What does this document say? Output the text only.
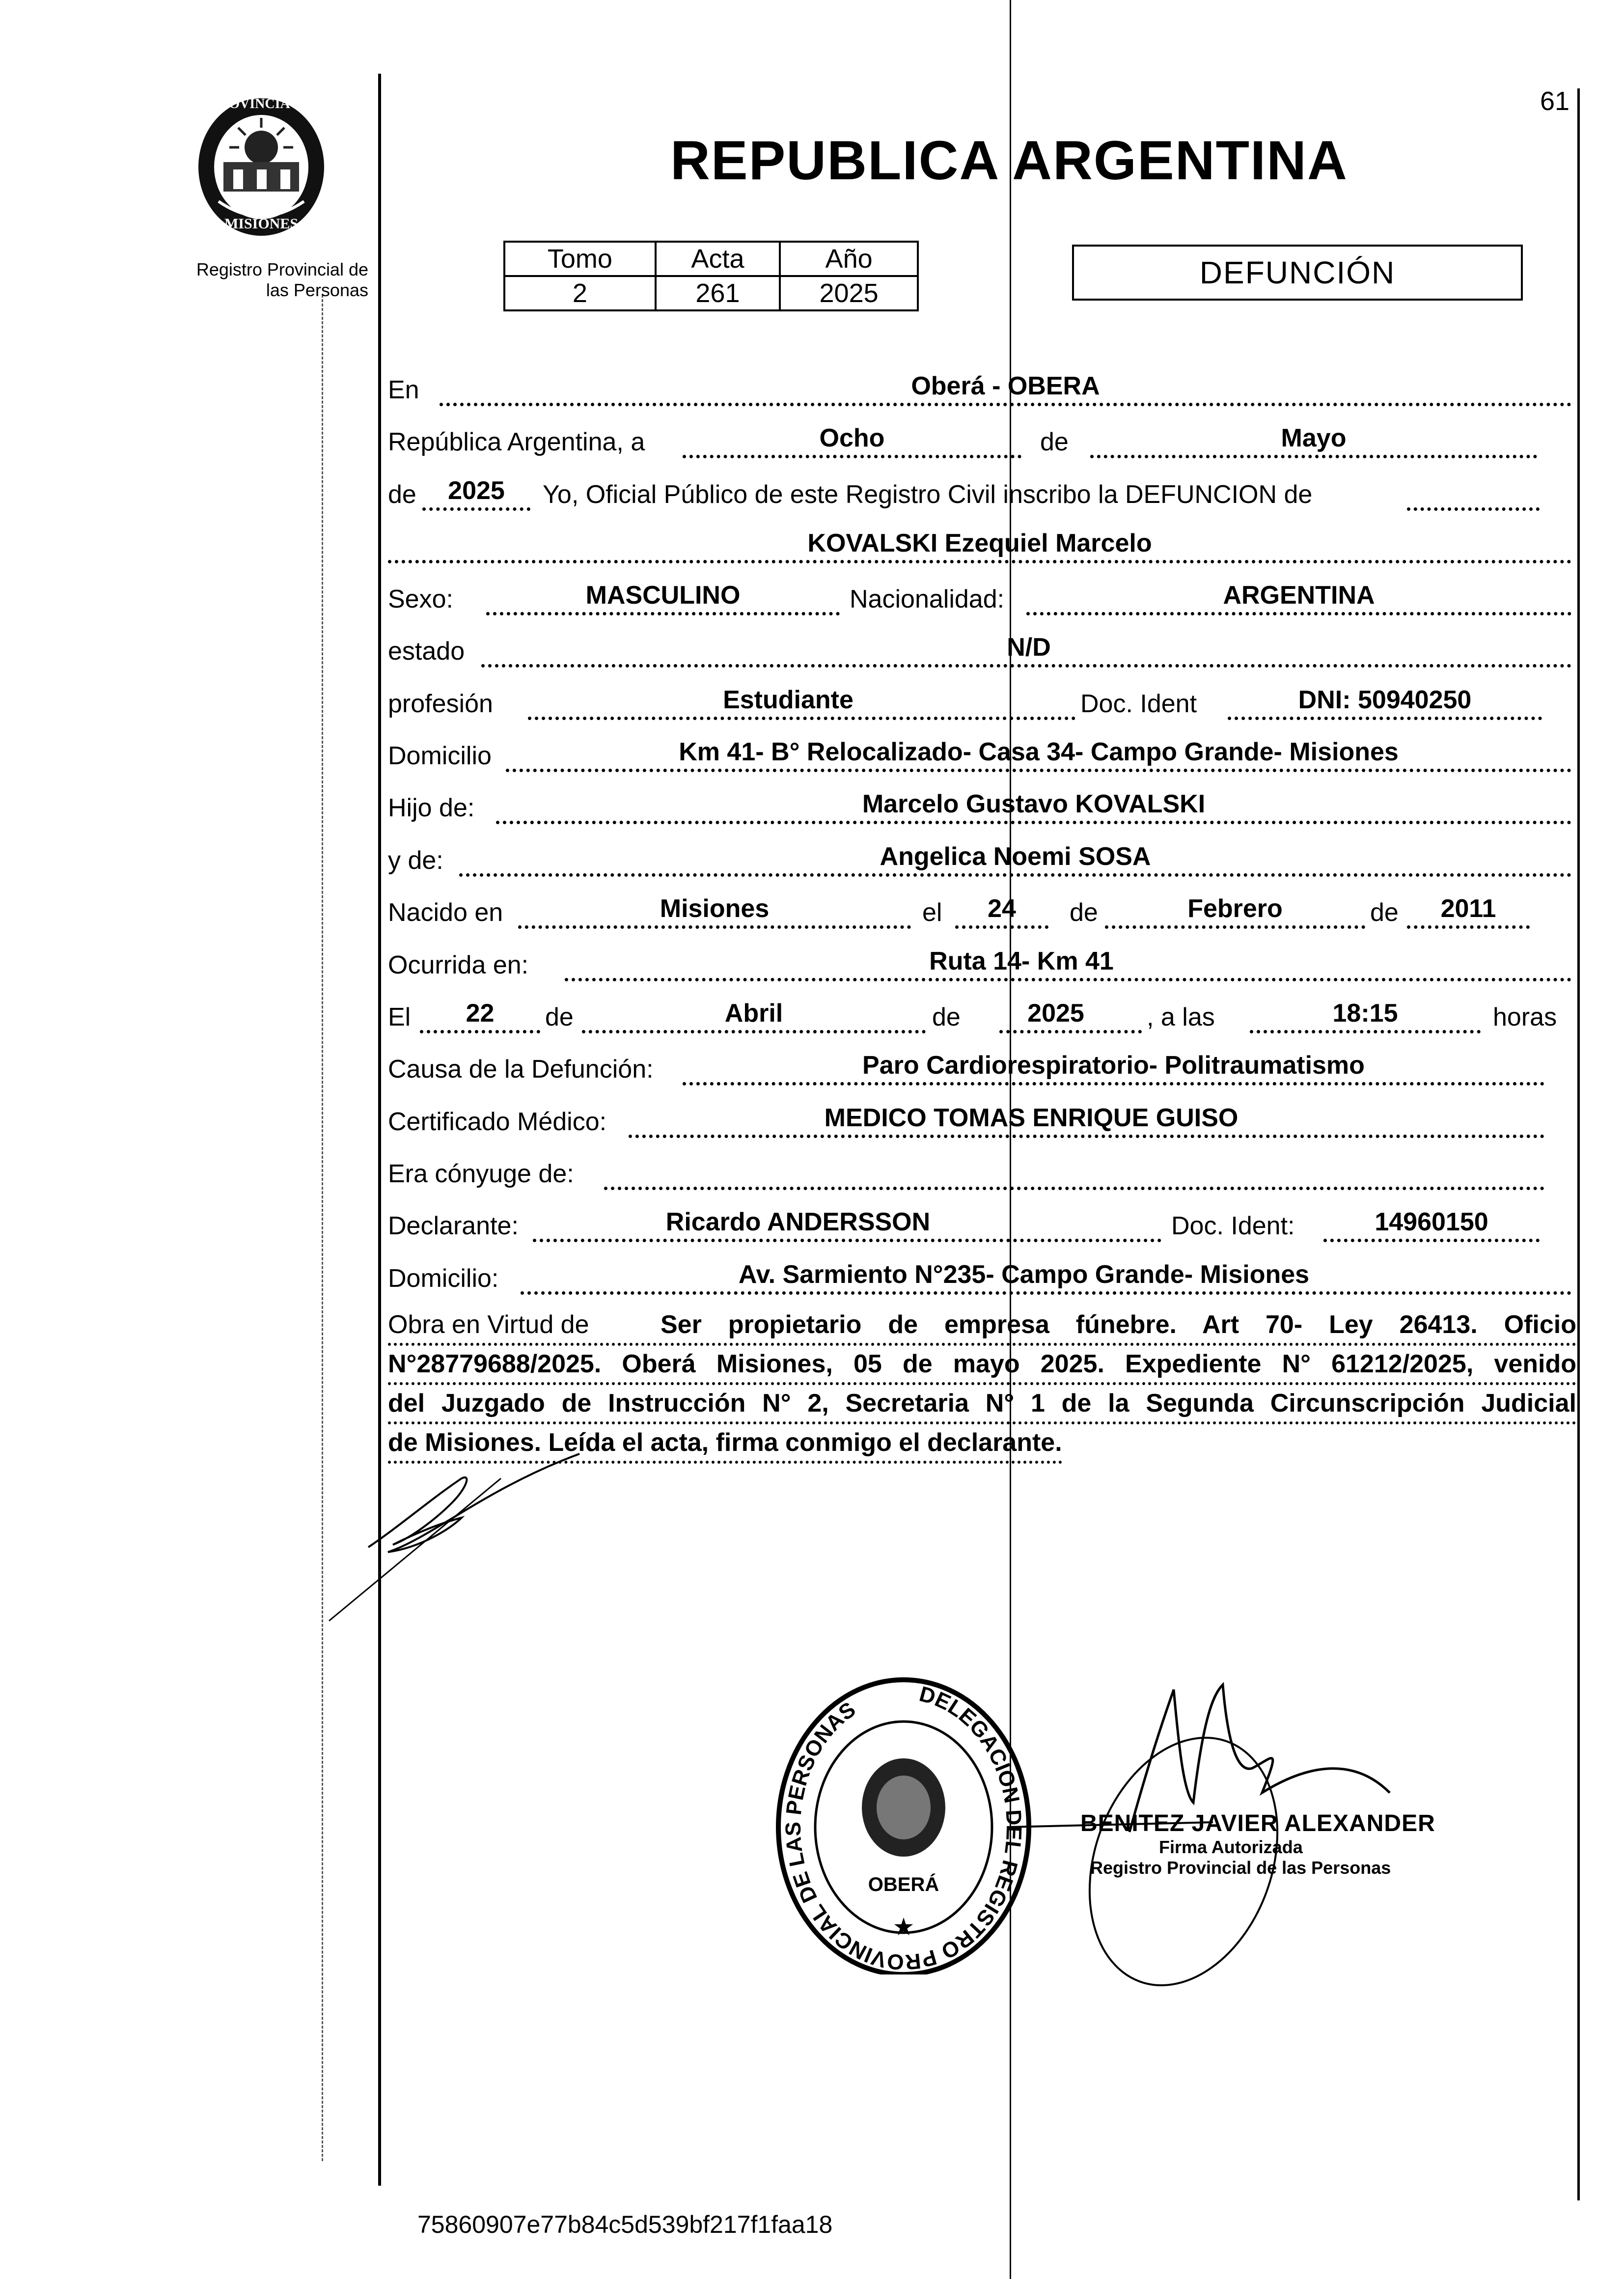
61
PROVINCIA DE
MISIONES
Registro Provincial de
las Personas
REPUBLICA ARGENTINA
Tomo	Acta	Año
2	261	2025
DEFUNCIÓN
En	Oberá - OBERA
República Argentina, a	Ocho	de	Mayo
de	2025	Yo, Oficial Público de este Registro Civil inscribo la DEFUNCION de
KOVALSKI Ezequiel Marcelo
Sexo:	MASCULINO	Nacionalidad:	ARGENTINA
estado	N/D
profesión	Estudiante	Doc. Ident	DNI: 50940250
Domicilio	Km 41- B° Relocalizado- Casa 34- Campo Grande- Misiones
Hijo de:	Marcelo Gustavo KOVALSKI
y de:	Angelica Noemi SOSA
Nacido en	Misiones	el	24	de	Febrero	de	2011
Ocurrida en:	Ruta 14- Km 41
El	22	de	Abril	de	2025	, a las	18:15	horas
Causa de la Defunción:	Paro Cardiorespiratorio- Politraumatismo
Certificado Médico:	MEDICO TOMAS ENRIQUE GUISO
Era cónyuge de:
Declarante:	Ricardo ANDERSSON	Doc. Ident:	14960150
Domicilio:	Av. Sarmiento N°235- Campo Grande- Misiones
Obra en Virtud de	Ser propietario de empresa fúnebre. Art 70- Ley 26413. Oficio
N°28779688/2025. Oberá Misiones, 05 de mayo 2025. Expediente N° 61212/2025, venido
del Juzgado de Instrucción N° 2, Secretaria N° 1 de la Segunda Circunscripción Judicial
de Misiones. Leída el acta, firma conmigo el declarante.
DELEGACION DEL REGISTRO PROVINCIAL DE LAS PERSONAS
OBERÁ
★
BENITEZ JAVIER ALEXANDER
Firma Autorizada
Registro Provincial de las Personas
75860907e77b84c5d539bf217f1faa18
